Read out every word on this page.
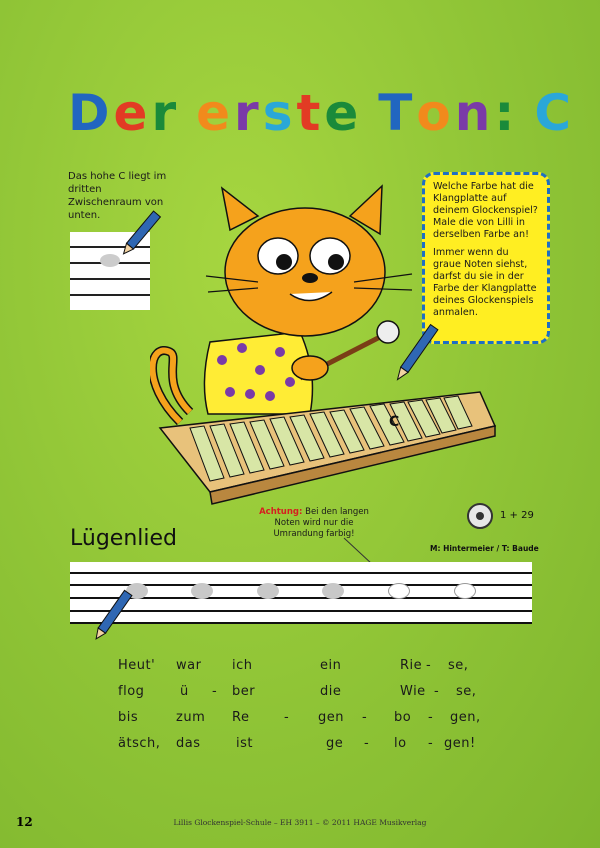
Der erste Ton: C
Das hohe C liegt im dritten Zwischenraum von unten.

Welche Farbe hat die Klangplatte auf deinem Glockenspiel? Male die von Lilli in derselben Farbe an!

Immer wenn du graue Noten siehst, darfst du sie in der Farbe der Klangplatte deines Glockenspiels anmalen.

C
Lügenlied
Achtung: Bei den langen Noten wird nur die Umrandung farbig!
1 + 29
M: Hintermeier / T: Baude
Heut' war ich	ein	Rie - se,
flog	ü - ber	die	Wie - se,
bis	zum Re	- gen - bo - gen,
ätsch, das	ist	ge - lo - gen!
12	Lillis Glockenspiel-Schule – EH 3911 – © 2011 HAGE Musikverlag
